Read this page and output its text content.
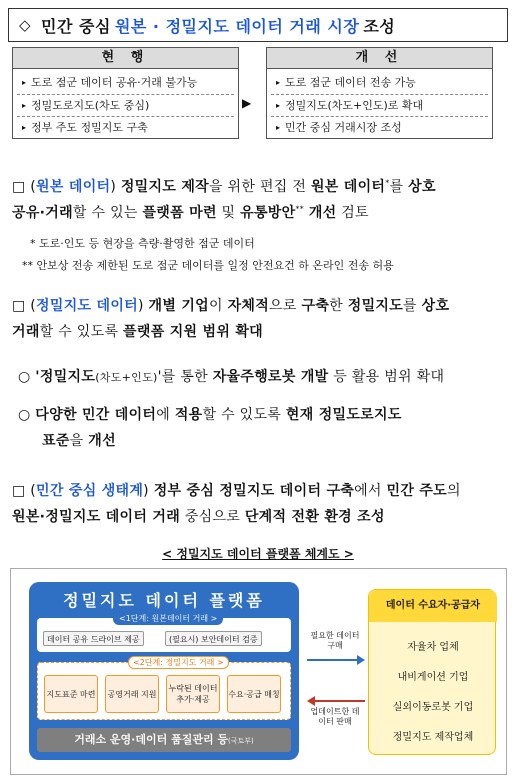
◇ 민간 중심 원본 · 정밀지도 데이터 거래 시장 조성
현 행
▸ 도로 점군 데이터 공유·거래 불가능
▸ 정밀도로지도(차도 중심)
▸ 정부 주도 정밀지도 구축
▶
개 선
▸ 도로 점군 데이터 전송 가능
▸ 정밀지도(차도+인도)로 확대
▸ 민간 중심 거래시장 조성
□ (원본 데이터) 정밀지도 제작을 위한 편집 전 원본 데이터*를 상호
공유·거래할 수 있는 플랫폼 마련 및 유통방안** 개선 검토
* 도로·인도 등 현장을 측량·촬영한 점군 데이터
** 안보상 전송 제한된 도로 점군 데이터를 일정 안전요건 하 온라인 전송 허용
□ (정밀지도 데이터) 개별 기업이 자체적으로 구축한 정밀지도를 상호
거래할 수 있도록 플랫폼 지원 범위 확대
○ '정밀지도(차도+인도)'를 통한 자율주행로봇 개발 등 활용 범위 확대
○ 다양한 민간 데이터에 적용할 수 있도록 현재 정밀도로지도
표준을 개선
□ (민간 중심 생태계) 정부 중심 정밀지도 데이터 구축에서 민간 주도의
원본·정밀지도 데이터 거래 중심으로 단계적 전환 환경 조성
< 정밀지도 데이터 플랫폼 체계도 >
정밀지도 데이터 플랫폼
<1단계: 원본데이터 거래 >
데이터 공유 드라이브 제공	(필요시) 보안데이터 검증
<2단계: 정밀지도 거래 >
지도표준 마련	공영거래 지원
누락된 데이터 추가·제공
수요·공급 매칭
거래소 운영·데이터 품질관리 등(국토부)
필요한 데이터 구매
업데이트한 데이터 판매
데이터 수요자·공급자
자율차 업체
내비게이션 기업
실외이동로봇 기업
정밀지도 제작업체
